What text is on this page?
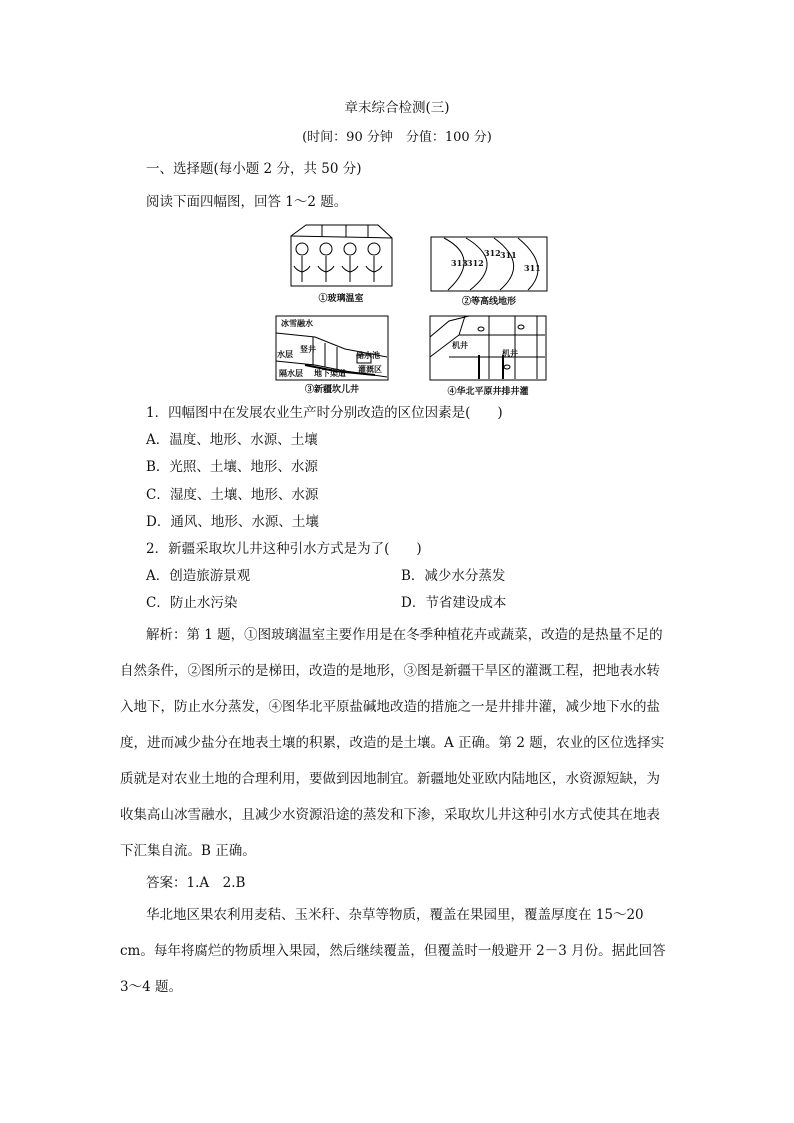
章末综合检测(三)
(时间：90 分钟　分值：100 分)
一、选择题(每小题 2 分，共 50 分)
阅读下面四幅图，回答 1～2 题。
①玻璃温室
313 312
312 311
311
②等高线地形
冰雪融水
水层 竖井
储水池
隔水层 地下渠道 灌溉区
③新疆坎儿井
机井
机井
④华北平原井排井灌
1．四幅图中在发展农业生产时分别改造的区位因素是(　　)
A．温度、地形、水源、土壤
B．光照、土壤、地形、水源
C．湿度、土壤、地形、水源
D．通风、地形、水源、土壤
2．新疆采取坎儿井这种引水方式是为了(　　)
A．创造旅游景观	B．减少水分蒸发
C．防止水污染	D．节省建设成本
解析：第 1 题，①图玻璃温室主要作用是在冬季种植花卉或蔬菜，改造的是热量不足的
自然条件，②图所示的是梯田，改造的是地形，③图是新疆干旱区的灌溉工程，把地表水转
入地下，防止水分蒸发，④图华北平原盐碱地改造的措施之一是井排井灌，减少地下水的盐
度，进而减少盐分在地表土壤的积累，改造的是土壤。A 正确。第 2 题，农业的区位选择实
质就是对农业土地的合理利用，要做到因地制宜。新疆地处亚欧内陆地区，水资源短缺，为
收集高山冰雪融水，且减少水资源沿途的蒸发和下渗，采取坎儿井这种引水方式使其在地表
下汇集自流。B 正确。
答案：1.A　2.B
华北地区果农利用麦秸、玉米秆、杂草等物质，覆盖在果园里，覆盖厚度在 15～20
cm。每年将腐烂的物质埋入果园，然后继续覆盖，但覆盖时一般避开 2－3 月份。据此回答
3～4 题。
